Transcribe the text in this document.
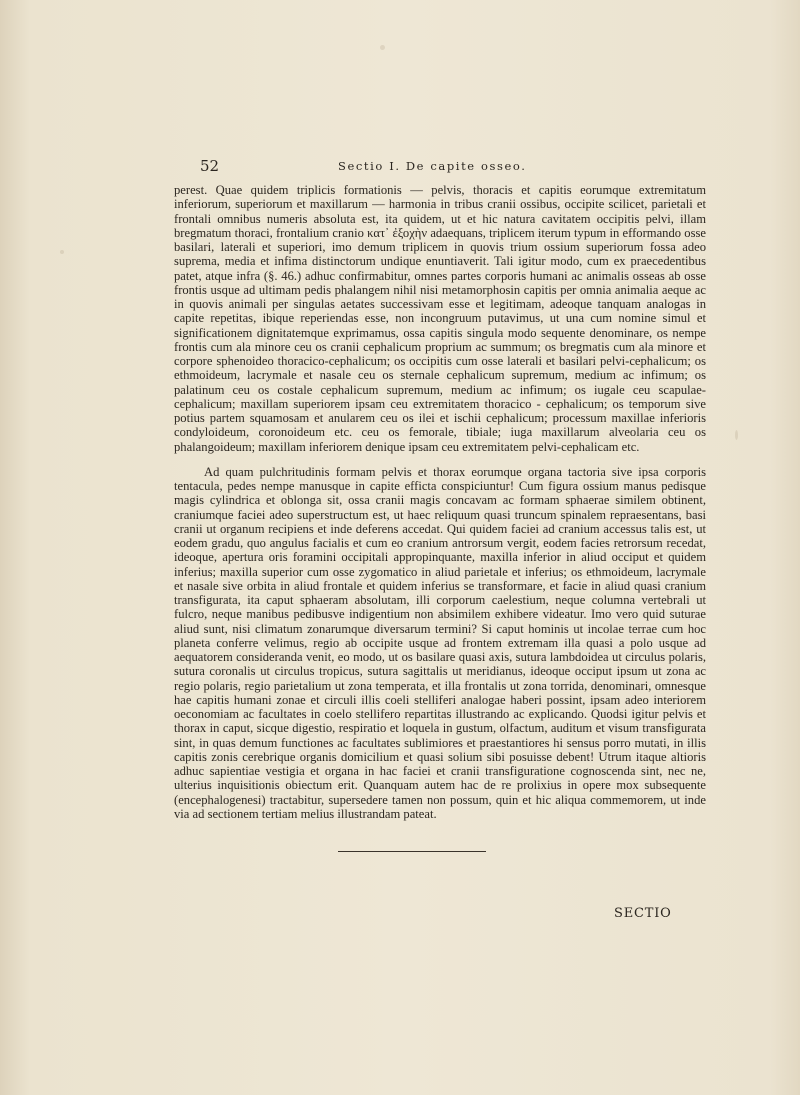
52	Sectio I. De capite osseo.

perest. Quae quidem triplicis formationis — pelvis, thoracis et capitis eorumque extremitatum inferiorum, superiorum et maxillarum — harmonia in tribus cranii ossibus, occipite scilicet, parietali et frontali omnibus numeris absoluta est, ita quidem, ut et hic natura cavitatem occipitis pelvi, illam bregmatum thoraci, frontalium cranio κατ᾽ ἐξοχὴν adaequans, triplicem iterum typum in efformando osse basilari, laterali et superiori, imo demum triplicem in quovis trium ossium superiorum fossa adeo suprema, media et infima distinctorum undique enuntiaverit. Tali igitur modo, cum ex praecedentibus patet, atque infra (§. 46.) adhuc confirmabitur, omnes partes corporis humani ac animalis osseas ab osse frontis usque ad ultimam pedis phalangem nihil nisi metamorphosin capitis per omnia animalia aeque ac in quovis animali per singulas aetates successivam esse et legitimam, adeoque tanquam analogas in capite repetitas, ibique reperiendas esse, non incongruum putavimus, ut una cum nomine simul et significationem dignitatemque exprimamus, ossa capitis singula modo sequente denominare, os nempe frontis cum ala minore ceu os cranii cephalicum proprium ac summum; os bregmatis cum ala minore et corpore sphenoideo thoracico-cephalicum; os occipitis cum osse laterali et basilari pelvi-cephalicum; os ethmoideum, lacrymale et nasale ceu os sternale cephalicum supremum, medium ac infimum; os palatinum ceu os costale cephalicum supremum, medium ac infimum; os iugale ceu scapulae-cephalicum; maxillam superiorem ipsam ceu extremitatem thoracico - cephalicum; os temporum sive potius partem squamosam et anularem ceu os ilei et ischii cephalicum; processum maxillae inferioris condyloideum, coronoideum etc. ceu os femorale, tibiale; iuga maxillarum alveolaria ceu os phalangoideum; maxillam inferiorem denique ipsam ceu extremitatem pelvi-cephalicam etc.

Ad quam pulchritudinis formam pelvis et thorax eorumque organa tactoria sive ipsa corporis tentacula, pedes nempe manusque in capite efficta conspiciuntur! Cum figura ossium manus pedisque magis cylindrica et oblonga sit, ossa cranii magis concavam ac formam sphaerae similem obtinent, craniumque faciei adeo superstructum est, ut haec reliquum quasi truncum spinalem repraesentans, basi cranii ut organum recipiens et inde deferens accedat. Qui quidem faciei ad cranium accessus talis est, ut eodem gradu, quo angulus facialis et cum eo cranium antrorsum vergit, eodem facies retrorsum recedat, ideoque, apertura oris foramini occipitali appropinquante, maxilla inferior in aliud occiput et quidem inferius; maxilla superior cum osse zygomatico in aliud parietale et inferius; os ethmoideum, lacrymale et nasale sive orbita in aliud frontale et quidem inferius se transformare, et facie in aliud quasi cranium transfigurata, ita caput sphaeram absolutam, illi corporum caelestium, neque columna vertebrali ut fulcro, neque manibus pedibusve indigentium non absimilem exhibere videatur. Imo vero quid suturae aliud sunt, nisi climatum zonarumque diversarum termini? Si caput hominis ut incolae terrae cum hoc planeta conferre velimus, regio ab occipite usque ad frontem extremam illa quasi a polo usque ad aequatorem consideranda venit, eo modo, ut os basilare quasi axis, sutura lambdoidea ut circulus polaris, sutura coronalis ut circulus tropicus, sutura sagittalis ut meridianus, ideoque occiput ipsum ut zona ac regio polaris, regio parietalium ut zona temperata, et illa frontalis ut zona torrida, denominari, omnesque hae capitis humani zonae et circuli illis coeli stelliferi analogae haberi possint, ipsam adeo interiorem oeconomiam ac facultates in coelo stellifero repartitas illustrando ac explicando. Quodsi igitur pelvis et thorax in caput, sicque digestio, respiratio et loquela in gustum, olfactum, auditum et visum transfigurata sint, in quas demum functiones ac facultates sublimiores et praestantiores hi sensus porro mutati, in illis capitis zonis cerebrique organis domicilium et quasi solium sibi posuisse debent! Utrum itaque altioris adhuc sapientiae vestigia et organa in hac faciei et cranii transfiguratione cognoscenda sint, nec ne, ulterius inquisitionis obiectum erit. Quanquam autem hac de re prolixius in opere mox subsequente (encephalogenesi) tractabitur, supersedere tamen non possum, quin et hic aliqua commemorem, ut inde via ad sectionem tertiam melius illustrandam pateat.

SECTIO
